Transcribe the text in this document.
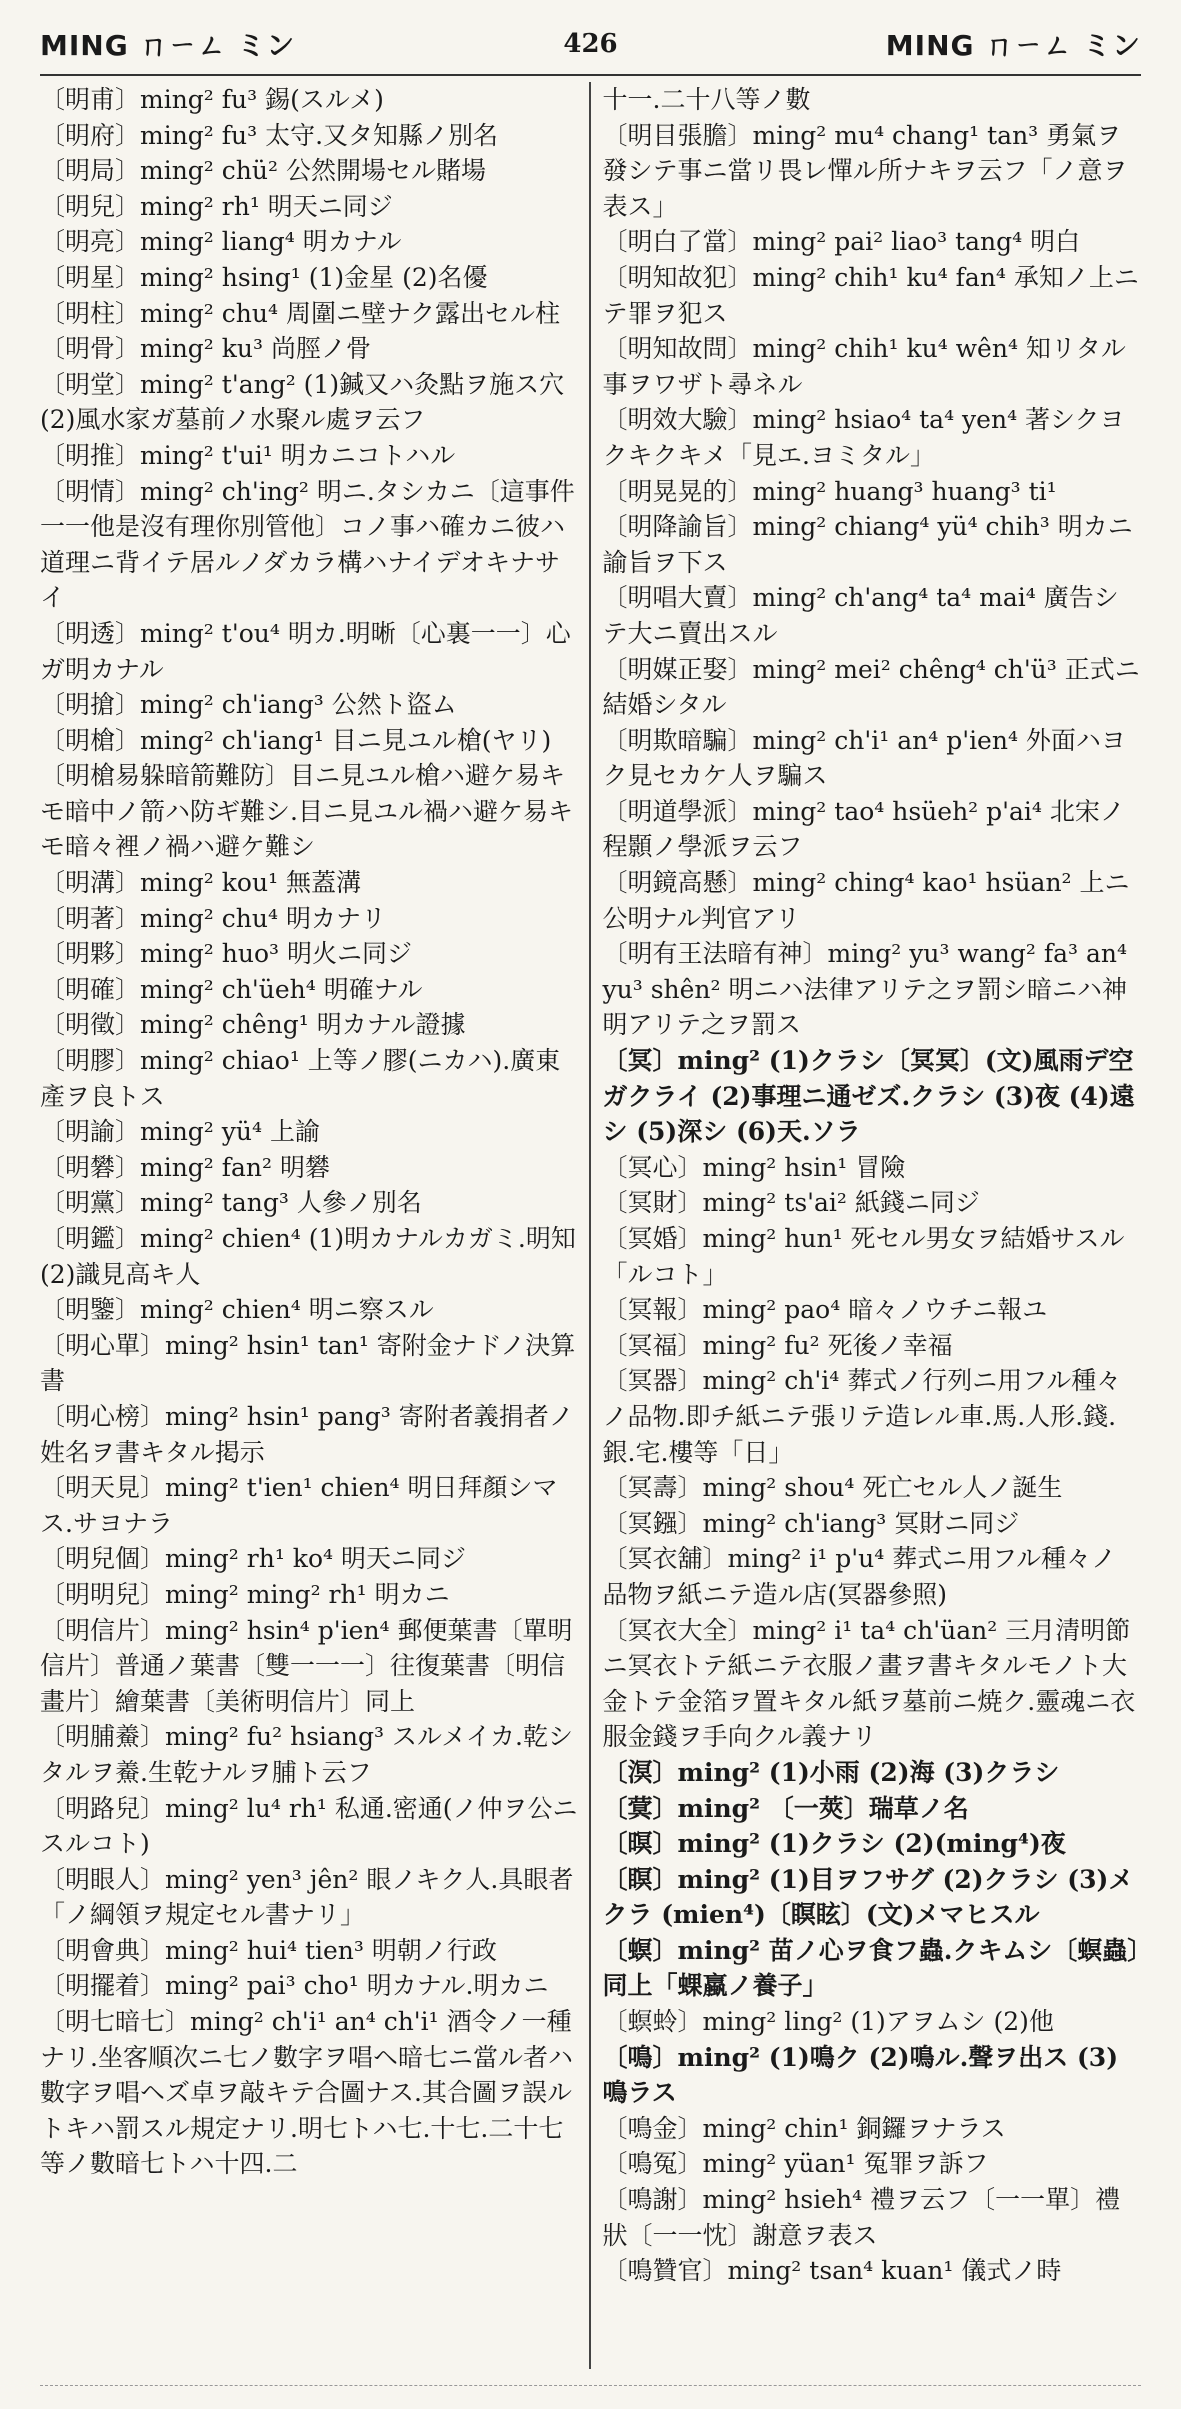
MING ㄇㄧㄥ ミン	426	MING ㄇㄧㄥ ミン
〔明甫〕ming² fu³ 錫(スルメ)
〔明府〕ming² fu³ 太守.又タ知縣ノ別名
〔明局〕ming² chü² 公然開場セル賭場
〔明兒〕ming² rh¹ 明天ニ同ジ
〔明亮〕ming² liang⁴ 明カナル
〔明星〕ming² hsing¹ (1)金星 (2)名優
〔明柱〕ming² chu⁴ 周圍ニ壁ナク露出セル柱
〔明骨〕ming² ku³ 尚脛ノ骨
〔明堂〕ming² t'ang² (1)鍼又ハ灸點ヲ施ス穴 (2)風水家ガ墓前ノ水聚ル處ヲ云フ
〔明推〕ming² t'ui¹ 明カニコトハル
〔明情〕ming² ch'ing² 明ニ.タシカニ〔這事件一一他是沒有理你別管他〕コノ事ハ確カニ彼ハ道理ニ背イテ居ルノダカラ構ハナイデオキナサイ
〔明透〕ming² t'ou⁴ 明カ.明晰〔心裏一一〕心ガ明カナル
〔明搶〕ming² ch'iang³ 公然ト盜ム
〔明槍〕ming² ch'iang¹ 目ニ見ユル槍(ヤリ)〔明槍易躲暗箭難防〕目ニ見ユル槍ハ避ケ易キモ暗中ノ箭ハ防ギ難シ.目ニ見ユル禍ハ避ケ易キモ暗々裡ノ禍ハ避ケ難シ
〔明溝〕ming² kou¹ 無蓋溝
〔明著〕ming² chu⁴ 明カナリ
〔明夥〕ming² huo³ 明火ニ同ジ
〔明確〕ming² ch'üeh⁴ 明確ナル
〔明徵〕ming² chêng¹ 明カナル證據
〔明膠〕ming² chiao¹ 上等ノ膠(ニカハ).廣東產ヲ良トス
〔明諭〕ming² yü⁴ 上諭
〔明礬〕ming² fan² 明礬
〔明黨〕ming² tang³ 人參ノ別名
〔明鑑〕ming² chien⁴ (1)明カナルカガミ.明知 (2)識見高キ人
〔明鑒〕ming² chien⁴ 明ニ察スル
〔明心單〕ming² hsin¹ tan¹ 寄附金ナドノ決算書
〔明心榜〕ming² hsin¹ pang³ 寄附者義捐者ノ姓名ヲ書キタル掲示
〔明天見〕ming² t'ien¹ chien⁴ 明日拜顏シマス.サヨナラ
〔明兒個〕ming² rh¹ ko⁴ 明天ニ同ジ
〔明明兒〕ming² ming² rh¹ 明カニ
〔明信片〕ming² hsin⁴ p'ien⁴ 郵便葉書〔單明信片〕普通ノ葉書〔雙一一一〕往復葉書〔明信畫片〕繪葉書〔美術明信片〕同上
〔明脯鯗〕ming² fu² hsiang³ スルメイカ.乾シタルヲ鯗.生乾ナルヲ脯ト云フ
〔明路兒〕ming² lu⁴ rh¹ 私通.密通(ノ仲ヲ公ニスルコト)
〔明眼人〕ming² yen³ jên² 眼ノキク人.具眼者「ノ綱領ヲ規定セル書ナリ」
〔明會典〕ming² hui⁴ tien³ 明朝ノ行政
〔明擺着〕ming² pai³ cho¹ 明カナル.明カニ
〔明七暗七〕ming² ch'i¹ an⁴ ch'i¹ 酒令ノ一種ナリ.坐客順次ニ七ノ數字ヲ唱ヘ暗七ニ當ル者ハ數字ヲ唱ヘズ卓ヲ敲キテ合圖ナス.其合圖ヲ誤ルトキハ罰スル規定ナリ.明七トハ七.十七.二十七等ノ數暗七トハ十四.二
十一.二十八等ノ數
〔明目張膽〕ming² mu⁴ chang¹ tan³ 勇氣ヲ發シテ事ニ當リ畏レ憚ル所ナキヲ云フ「ノ意ヲ表ス」
〔明白了當〕ming² pai² liao³ tang⁴ 明白
〔明知故犯〕ming² chih¹ ku⁴ fan⁴ 承知ノ上ニテ罪ヲ犯ス
〔明知故問〕ming² chih¹ ku⁴ wên⁴ 知リタル事ヲワザト尋ネル
〔明效大驗〕ming² hsiao⁴ ta⁴ yen⁴ 著シクヨクキクキメ「見エ.ヨミタル」
〔明晃晃的〕ming² huang³ huang³ ti¹
〔明降諭旨〕ming² chiang⁴ yü⁴ chih³ 明カニ諭旨ヲ下ス
〔明唱大賣〕ming² ch'ang⁴ ta⁴ mai⁴ 廣告シテ大ニ賣出スル
〔明媒正娶〕ming² mei² chêng⁴ ch'ü³ 正式ニ結婚シタル
〔明欺暗騙〕ming² ch'i¹ an⁴ p'ien⁴ 外面ハヨク見セカケ人ヲ騙ス
〔明道學派〕ming² tao⁴ hsüeh² p'ai⁴ 北宋ノ程顥ノ學派ヲ云フ
〔明鏡高懸〕ming² ching⁴ kao¹ hsüan² 上ニ公明ナル判官アリ
〔明有王法暗有神〕ming² yu³ wang² fa³ an⁴ yu³ shên² 明ニハ法律アリテ之ヲ罰シ暗ニハ神明アリテ之ヲ罰ス
〔冥〕ming² (1)クラシ〔冥冥〕(文)風雨デ空ガクライ (2)事理ニ通ゼズ.クラシ (3)夜 (4)遠シ (5)深シ (6)天.ソラ
〔冥心〕ming² hsin¹ 冒險
〔冥財〕ming² ts'ai² 紙錢ニ同ジ
〔冥婚〕ming² hun¹ 死セル男女ヲ結婚サスル「ルコト」
〔冥報〕ming² pao⁴ 暗々ノウチニ報ユ
〔冥福〕ming² fu² 死後ノ幸福
〔冥器〕ming² ch'i⁴ 葬式ノ行列ニ用フル種々ノ品物.即チ紙ニテ張リテ造レル車.馬.人形.錢.銀.宅.樓等「日」
〔冥壽〕ming² shou⁴ 死亡セル人ノ誕生
〔冥鏹〕ming² ch'iang³ 冥財ニ同ジ
〔冥衣舖〕ming² i¹ p'u⁴ 葬式ニ用フル種々ノ品物ヲ紙ニテ造ル店(冥器參照)
〔冥衣大全〕ming² i¹ ta⁴ ch'üan² 三月清明節ニ冥衣トテ紙ニテ衣服ノ畫ヲ書キタルモノト大金トテ金箔ヲ置キタル紙ヲ墓前ニ焼ク.靈魂ニ衣服金錢ヲ手向クル義ナリ
〔溟〕ming² (1)小雨 (2)海 (3)クラシ
〔蓂〕ming² 〔一莢〕瑞草ノ名
〔暝〕ming² (1)クラシ (2)(ming⁴)夜
〔瞑〕ming² (1)目ヲフサグ (2)クラシ (3)メクラ (mien⁴)〔瞑眩〕(文)メマヒスル
〔螟〕ming² 苗ノ心ヲ食フ蟲.クキムシ〔螟蟲〕同上「蜾蠃ノ養子」
〔螟蛉〕ming² ling² (1)アヲムシ (2)他
〔鳴〕ming² (1)鳴ク (2)鳴ル.聲ヲ出ス (3)鳴ラス
〔鳴金〕ming² chin¹ 銅鑼ヲナラス
〔鳴冤〕ming² yüan¹ 冤罪ヲ訴フ
〔鳴謝〕ming² hsieh⁴ 禮ヲ云フ〔一一單〕禮狀〔一一忱〕謝意ヲ表ス
〔鳴贊官〕ming² tsan⁴ kuan¹ 儀式ノ時
